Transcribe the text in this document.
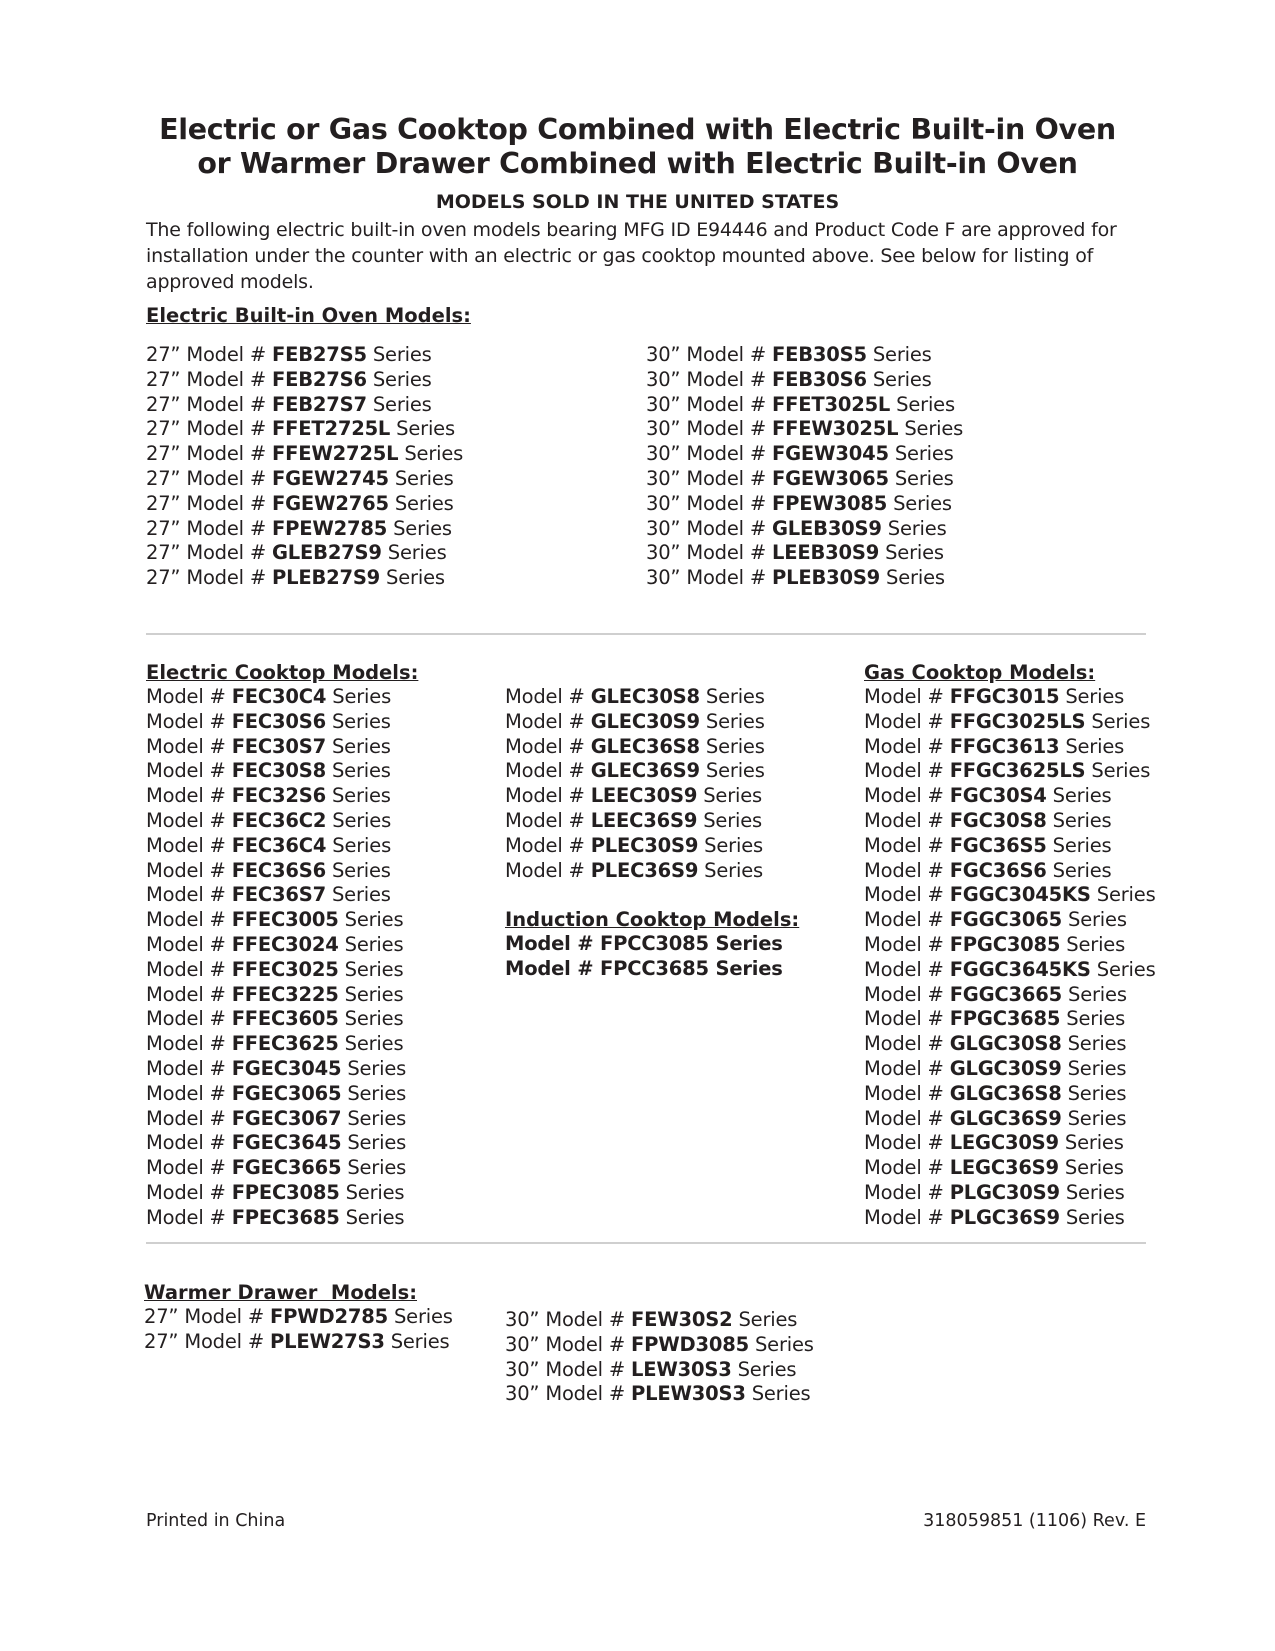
Electric or Gas Cooktop Combined with Electric Built-in Oven
or Warmer Drawer Combined with Electric Built-in Oven
MODELS SOLD IN THE UNITED STATES
The following electric built-in oven models bearing MFG ID E94446 and Product Code F are approved for installation under the counter with an electric or gas cooktop mounted above. See below for listing of approved models.
Electric Built-in Oven Models:
27” Model # FEB27S5 Series
27” Model # FEB27S6 Series
27” Model # FEB27S7 Series
27” Model # FFET2725L Series
27” Model # FFEW2725L Series
27” Model # FGEW2745 Series
27” Model # FGEW2765 Series
27” Model # FPEW2785 Series
27” Model # GLEB27S9 Series
27” Model # PLEB27S9 Series
30” Model # FEB30S5 Series
30” Model # FEB30S6 Series
30” Model # FFET3025L Series
30” Model # FFEW3025L Series
30” Model # FGEW3045 Series
30” Model # FGEW3065 Series
30” Model # FPEW3085 Series
30” Model # GLEB30S9 Series
30” Model # LEEB30S9 Series
30” Model # PLEB30S9 Series
Electric Cooktop Models:
Model # FEC30C4 Series
Model # FEC30S6 Series
Model # FEC30S7 Series
Model # FEC30S8 Series
Model # FEC32S6 Series
Model # FEC36C2 Series
Model # FEC36C4 Series
Model # FEC36S6 Series
Model # FEC36S7 Series
Model # FFEC3005 Series
Model # FFEC3024 Series
Model # FFEC3025 Series
Model # FFEC3225 Series
Model # FFEC3605 Series
Model # FFEC3625 Series
Model # FGEC3045 Series
Model # FGEC3065 Series
Model # FGEC3067 Series
Model # FGEC3645 Series
Model # FGEC3665 Series
Model # FPEC3085 Series
Model # FPEC3685 Series
Model # GLEC30S8 Series
Model # GLEC30S9 Series
Model # GLEC36S8 Series
Model # GLEC36S9 Series
Model # LEEC30S9 Series
Model # LEEC36S9 Series
Model # PLEC30S9 Series
Model # PLEC36S9 Series
Induction Cooktop Models:
Model # FPCC3085 Series
Model # FPCC3685 Series
Gas Cooktop Models:
Model # FFGC3015 Series
Model # FFGC3025LS Series
Model # FFGC3613 Series
Model # FFGC3625LS Series
Model # FGC30S4 Series
Model # FGC30S8 Series
Model # FGC36S5 Series
Model # FGC36S6 Series
Model # FGGC3045KS Series
Model # FGGC3065 Series
Model # FPGC3085 Series
Model # FGGC3645KS Series
Model # FGGC3665 Series
Model # FPGC3685 Series
Model # GLGC30S8 Series
Model # GLGC30S9 Series
Model # GLGC36S8 Series
Model # GLGC36S9 Series
Model # LEGC30S9 Series
Model # LEGC36S9 Series
Model # PLGC30S9 Series
Model # PLGC36S9 Series
Warmer Drawer  Models:
27” Model # FPWD2785 Series
27” Model # PLEW27S3 Series
30” Model # FEW30S2 Series
30” Model # FPWD3085 Series
30” Model # LEW30S3 Series
30” Model # PLEW30S3 Series
Printed in China	318059851 (1106) Rev. E
